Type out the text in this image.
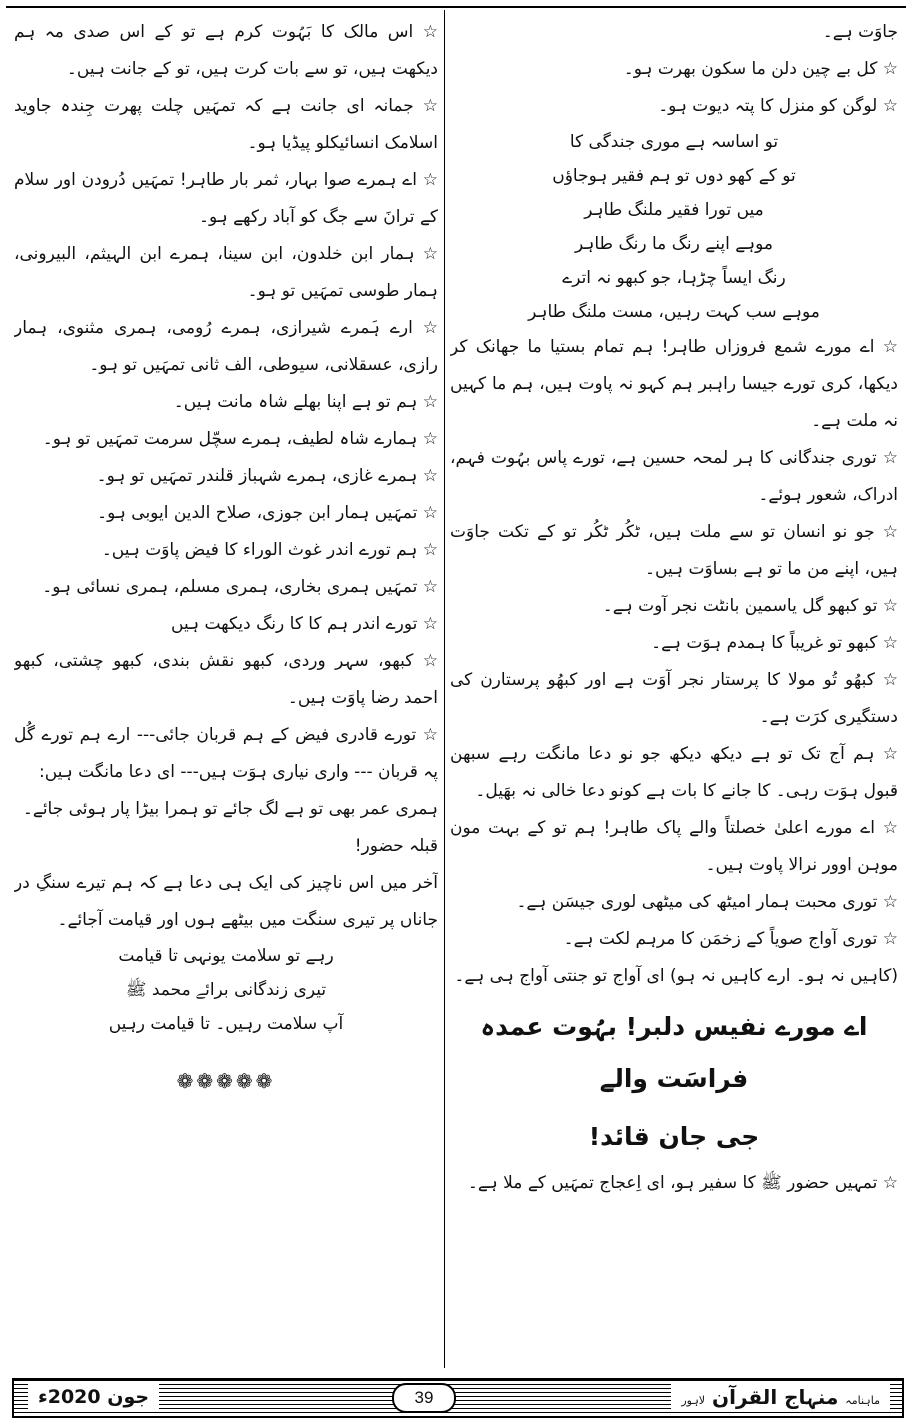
جاوَت ہے۔

☆ کل بے چین دلن ما سکون بھرت ہو۔

☆ لوگن کو منزل کا پتہ دیوت ہو۔

تو اساسہ ہے موری جندگی کا

تو کے کھو دوں تو ہم فقیر ہوجاؤں

میں تورا فقیر ملنگ طاہر

موہے اپنے رنگ ما رنگ طاہر

رنگ ایساً چڑہا، جو کبھو نہ اترے

موہے سب کہت رہیں، مست ملنگ طاہر

☆ اے مورے شمع فروزاں طاہر! ہم تمام بستیا ما جھانک کر دیکھا، کری تورے جیسا راہبر ہم کہو نہ پاوت ہیں، ہم ما کہیں نہ ملت ہے۔

☆ توری جندگانی کا ہر لمحہ حسین ہے، تورے پاس بہُوت فہم، ادراک، شعور ہوئے۔

☆ جو نو انسان تو سے ملت ہیں، ٹکُر ٹکُر تو کے تکت جاوَت ہیں، اپنے من ما تو ہے بساوَت ہیں۔

☆ تو کبھو گل یاسمین بانٹت نجر آوت ہے۔

☆ کبھو تو غریباً کا ہمدم ہوَت ہے۔

☆ کبھُو تُو مولا کا پرستار نجر آوَت ہے اور کبھُو پرستارن کی دستگیری کرَت ہے۔

☆ ہم آج تک تو ہے دیکھ دیکھ جو نو دعا مانگت رہے سبھن قبول ہوَت رہی۔ کا جانے کا بات ہے کونو دعا خالی نہ بھَیل۔

☆ اے مورے اعلیٰ خصلتاً والے پاک طاہر! ہم تو کے بہت مون موہن اوور نرالا پاوت ہیں۔

☆ توری محبت ہمار امیٹھ کی میٹھی لوری جیسَن ہے۔

☆ توری آواج صویاً کے زخمَن کا مرہم لکت ہے۔

(کاہیں نہ ہو۔ ارے کاہیں نہ ہو) ای آواج تو جنتی آواج ہی ہے۔

اے مورے نفیس دلبر! بہُوت عمدہ فراسَت والے

جی جان قائد!

☆ تمہیں حضور ﷺ کا سفیر ہو، ای اِعجاج تمہَیں کے ملا ہے۔

☆ اس مالک کا بَہُوت کرم ہے تو کے اس صدی مہ ہم دیکھت ہیں، تو سے بات کرت ہیں، تو کے جانت ہیں۔

☆ جمانہ ای جانت ہے کہ تمہَیں چلت پھرت جِندہ جاوید اسلامک انسائیکلو پیڈیا ہو۔

☆ اے ہمرے صوا بہار، ثمر بار طاہر! تمہَیں دُرودن اور سلام کے ترانَ سے جگ کو آباد رکھے ہو۔

☆ ہمار ابن خلدون، ابن سینا، ہمرے ابن الہیثم، البیرونی، ہمار طوسی تمہَیں تو ہو۔

☆ ارے ہَمرے شیرازی، ہمرے رُومی، ہمری مثنوی، ہمار رازی، عسقلانی، سیوطی، الف ثانی تمہَیں تو ہو۔

☆ ہم تو ہے اپنا بھلے شاہ مانت ہیں۔

☆ ہمارے شاہ لطیف، ہمرے سچّل سرمت تمہَیں تو ہو۔

☆ ہمرے غازی، ہمرے شہباز قلندر تمہَیں تو ہو۔

☆ تمہَیں ہمار ابن جوزی، صلاح الدین ایوبی ہو۔

☆ ہم تورے اندر غوث الوراء کا فیض پاوَت ہیں۔

☆ تمہَیں ہمری بخاری، ہمری مسلم، ہمری نسائی ہو۔

☆ تورے اندر ہم کا کا رنگ دیکھت ہیں

☆ کبھو، سہر وردی، کبھو نقش بندی، کبھو چشتی، کبھو احمد رضا پاوَت ہیں۔

☆ تورے قادری فیض کے ہم قربان جائی--- ارے ہم تورے گُل پہ قربان --- واری نیاری ہوَت ہیں--- ای دعا مانگت ہیں:

ہمری عمر بھی تو ہے لگ جائے تو ہمرا بیڑا پار ہوئی جائے۔

قبلہ حضور!

آخر میں اس ناچیز کی ایک ہی دعا ہے کہ ہم تیرے سنگِ در جاناں پر تیری سنگت میں بیٹھے ہوں اور قیامت آجائے۔

رہے تو سلامت یونہی تا قیامت

تیری زندگانی برائے محمد ﷺ

آپ سلامت رہیں۔ تا قیامت رہیں

❁❁❁❁❁

ماہنامہ منہاج القرآن لاہور
39
جون 2020ء
